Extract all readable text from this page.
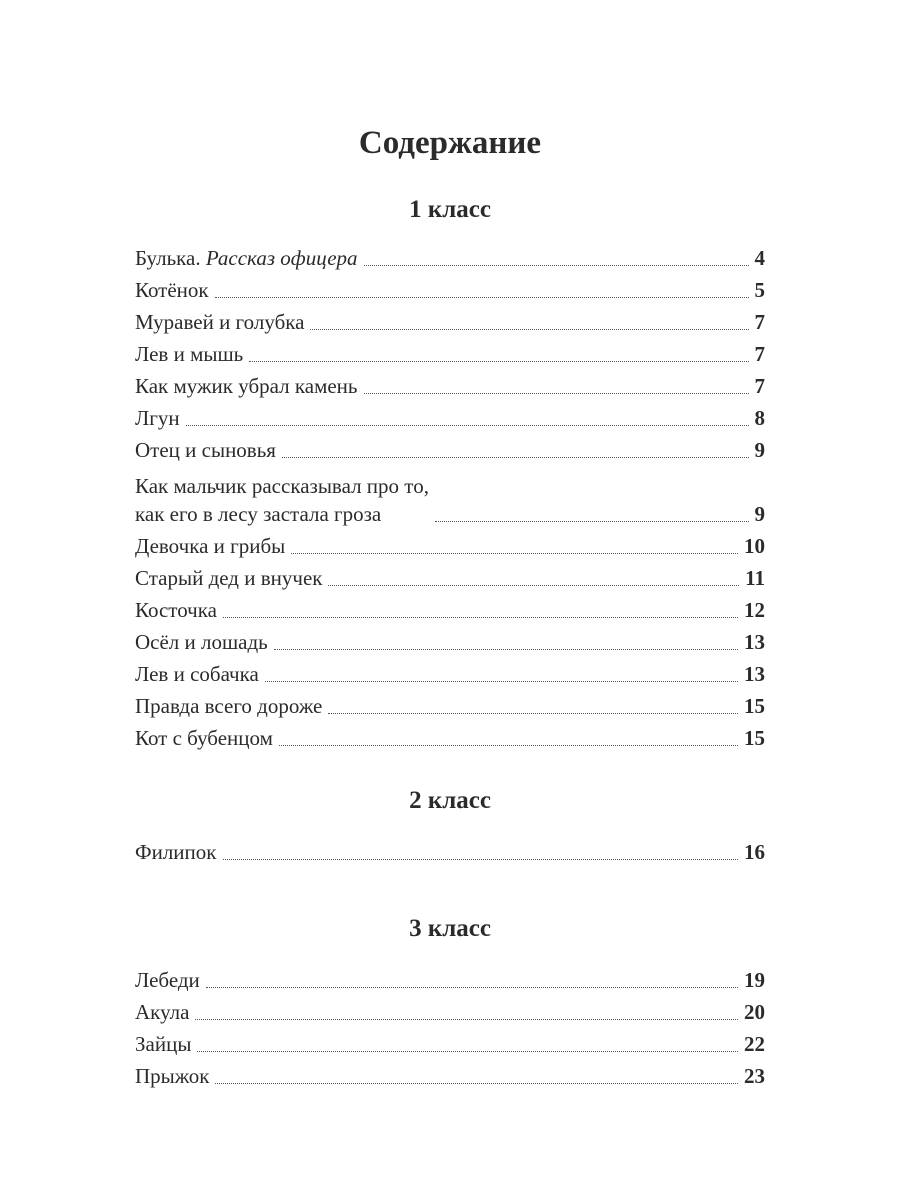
Содержание
1 класс
Булька. Рассказ офицера	4
Котёнок	5
Муравей и голубка	7
Лев и мышь	7
Как мужик убрал камень	7
Лгун	8
Отец и сыновья	9
Как мальчик рассказывал про то,
как его в лесу застала гроза	9
Девочка и грибы	10
Старый дед и внучек	11
Косточка	12
Осёл и лошадь	13
Лев и собачка	13
Правда всего дороже	15
Кот с бубенцом	15
2 класс
Филипок	16
3 класс
Лебеди	19
Акула	20
Зайцы	22
Прыжок	23
